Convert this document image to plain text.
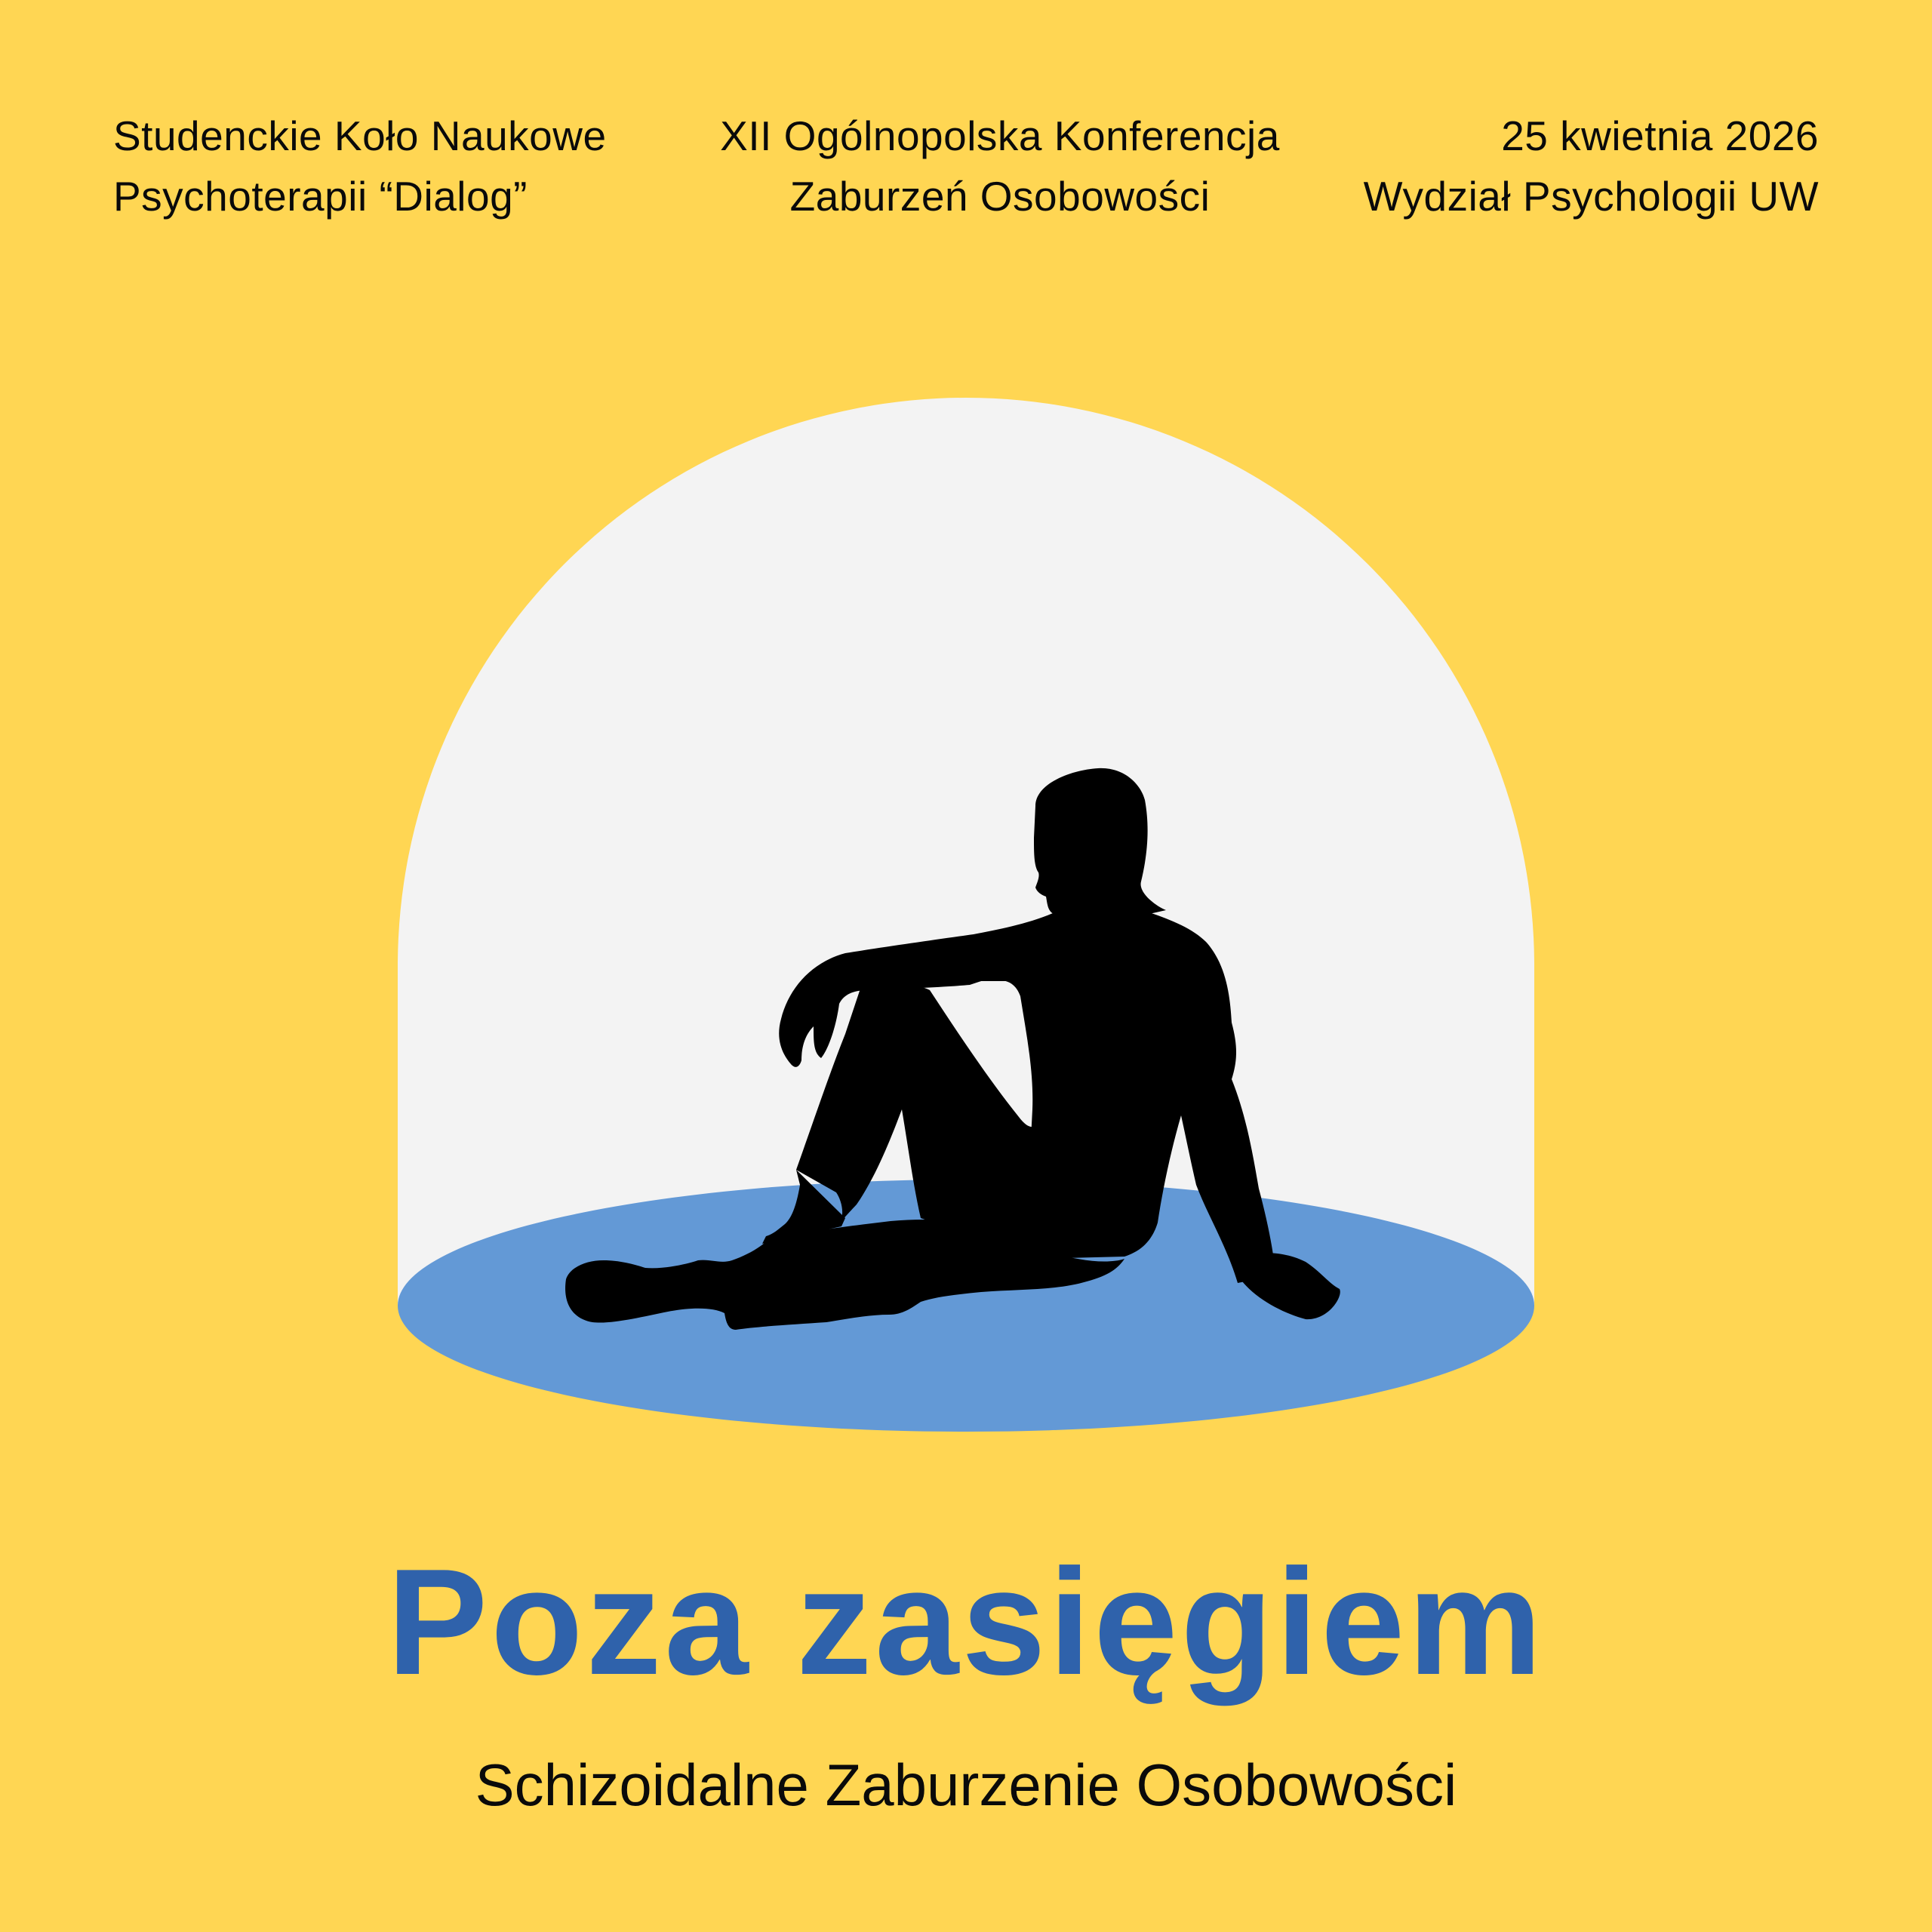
Studenckie Koło Naukowe
Psychoterapii “Dialog”
XII Ogólnopolska Konferencja
Zaburzeń Osobowości
25 kwietnia 2026
Wydział Psychologii UW
Poza zasięgiem
Schizoidalne Zaburzenie Osobowości
